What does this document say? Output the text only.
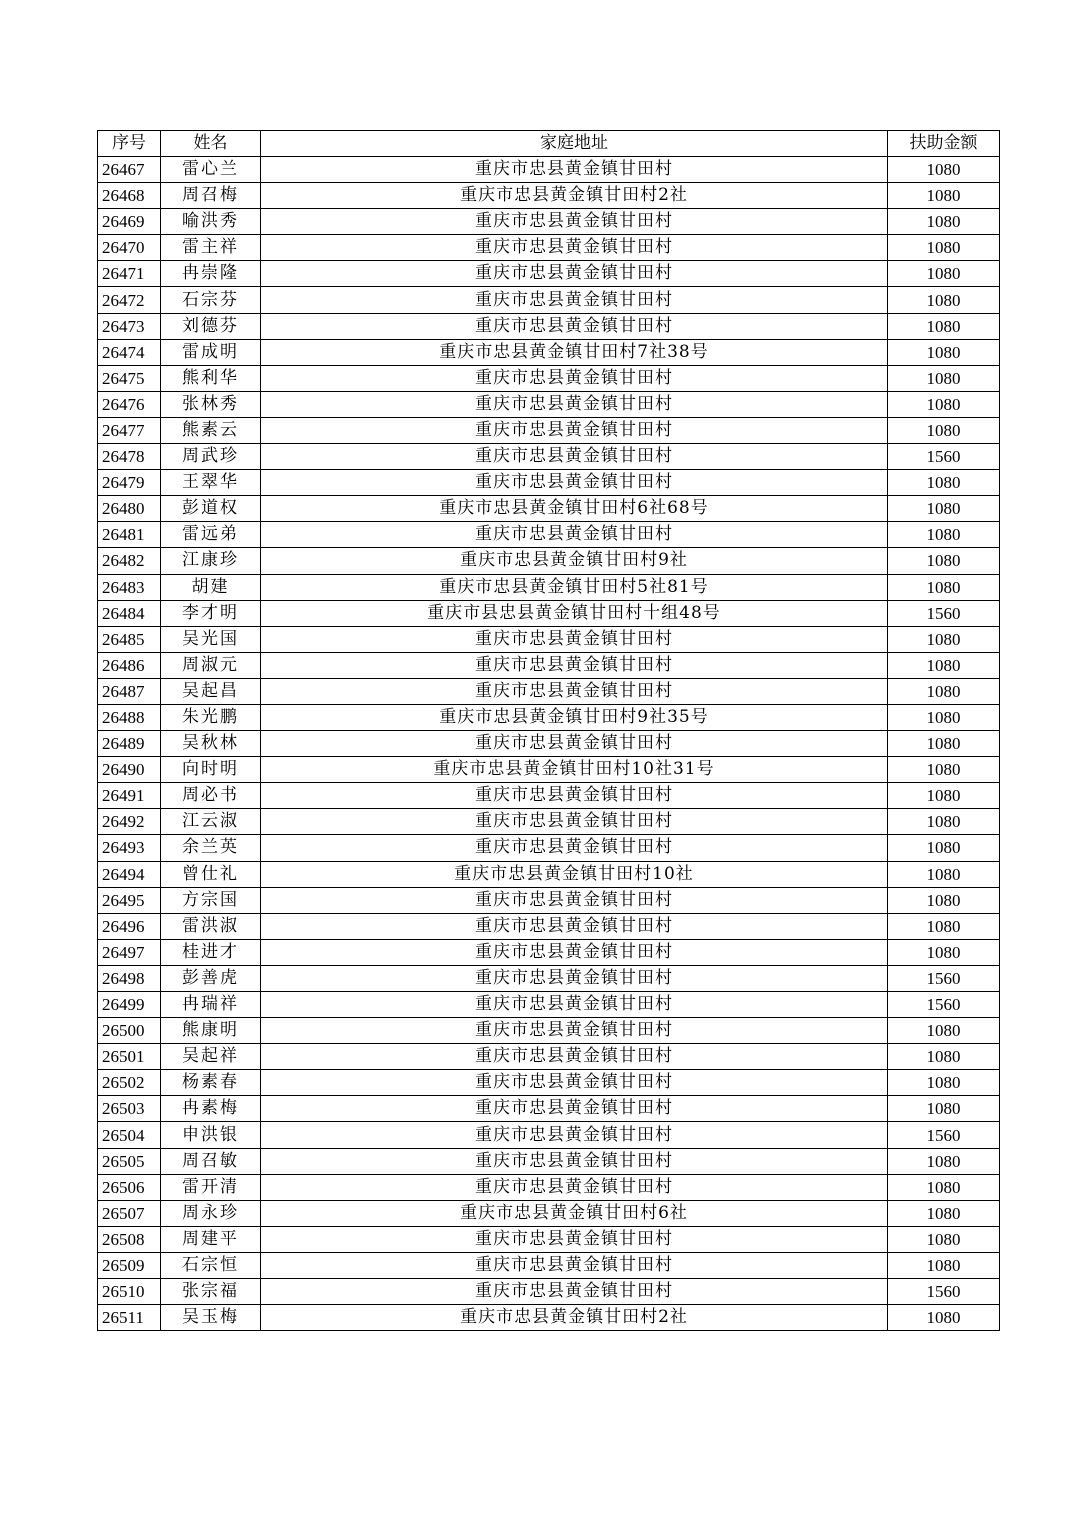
序号	姓名	家庭地址	扶助金额
26467	雷心兰	重庆市忠县黄金镇甘田村	1080
26468	周召梅	重庆市忠县黄金镇甘田村2社	1080
26469	喻洪秀	重庆市忠县黄金镇甘田村	1080
26470	雷主祥	重庆市忠县黄金镇甘田村	1080
26471	冉崇隆	重庆市忠县黄金镇甘田村	1080
26472	石宗芬	重庆市忠县黄金镇甘田村	1080
26473	刘德芬	重庆市忠县黄金镇甘田村	1080
26474	雷成明	重庆市忠县黄金镇甘田村7社38号	1080
26475	熊利华	重庆市忠县黄金镇甘田村	1080
26476	张林秀	重庆市忠县黄金镇甘田村	1080
26477	熊素云	重庆市忠县黄金镇甘田村	1080
26478	周武珍	重庆市忠县黄金镇甘田村	1560
26479	王翠华	重庆市忠县黄金镇甘田村	1080
26480	彭道权	重庆市忠县黄金镇甘田村6社68号	1080
26481	雷远弟	重庆市忠县黄金镇甘田村	1080
26482	江康珍	重庆市忠县黄金镇甘田村9社	1080
26483	胡建	重庆市忠县黄金镇甘田村5社81号	1080
26484	李才明	重庆市县忠县黄金镇甘田村十组48号	1560
26485	吴光国	重庆市忠县黄金镇甘田村	1080
26486	周淑元	重庆市忠县黄金镇甘田村	1080
26487	吴起昌	重庆市忠县黄金镇甘田村	1080
26488	朱光鹏	重庆市忠县黄金镇甘田村9社35号	1080
26489	吴秋林	重庆市忠县黄金镇甘田村	1080
26490	向时明	重庆市忠县黄金镇甘田村10社31号	1080
26491	周必书	重庆市忠县黄金镇甘田村	1080
26492	江云淑	重庆市忠县黄金镇甘田村	1080
26493	余兰英	重庆市忠县黄金镇甘田村	1080
26494	曾仕礼	重庆市忠县黄金镇甘田村10社	1080
26495	方宗国	重庆市忠县黄金镇甘田村	1080
26496	雷洪淑	重庆市忠县黄金镇甘田村	1080
26497	桂进才	重庆市忠县黄金镇甘田村	1080
26498	彭善虎	重庆市忠县黄金镇甘田村	1560
26499	冉瑞祥	重庆市忠县黄金镇甘田村	1560
26500	熊康明	重庆市忠县黄金镇甘田村	1080
26501	吴起祥	重庆市忠县黄金镇甘田村	1080
26502	杨素春	重庆市忠县黄金镇甘田村	1080
26503	冉素梅	重庆市忠县黄金镇甘田村	1080
26504	申洪银	重庆市忠县黄金镇甘田村	1560
26505	周召敏	重庆市忠县黄金镇甘田村	1080
26506	雷开清	重庆市忠县黄金镇甘田村	1080
26507	周永珍	重庆市忠县黄金镇甘田村6社	1080
26508	周建平	重庆市忠县黄金镇甘田村	1080
26509	石宗恒	重庆市忠县黄金镇甘田村	1080
26510	张宗福	重庆市忠县黄金镇甘田村	1560
26511	吴玉梅	重庆市忠县黄金镇甘田村2社	1080
